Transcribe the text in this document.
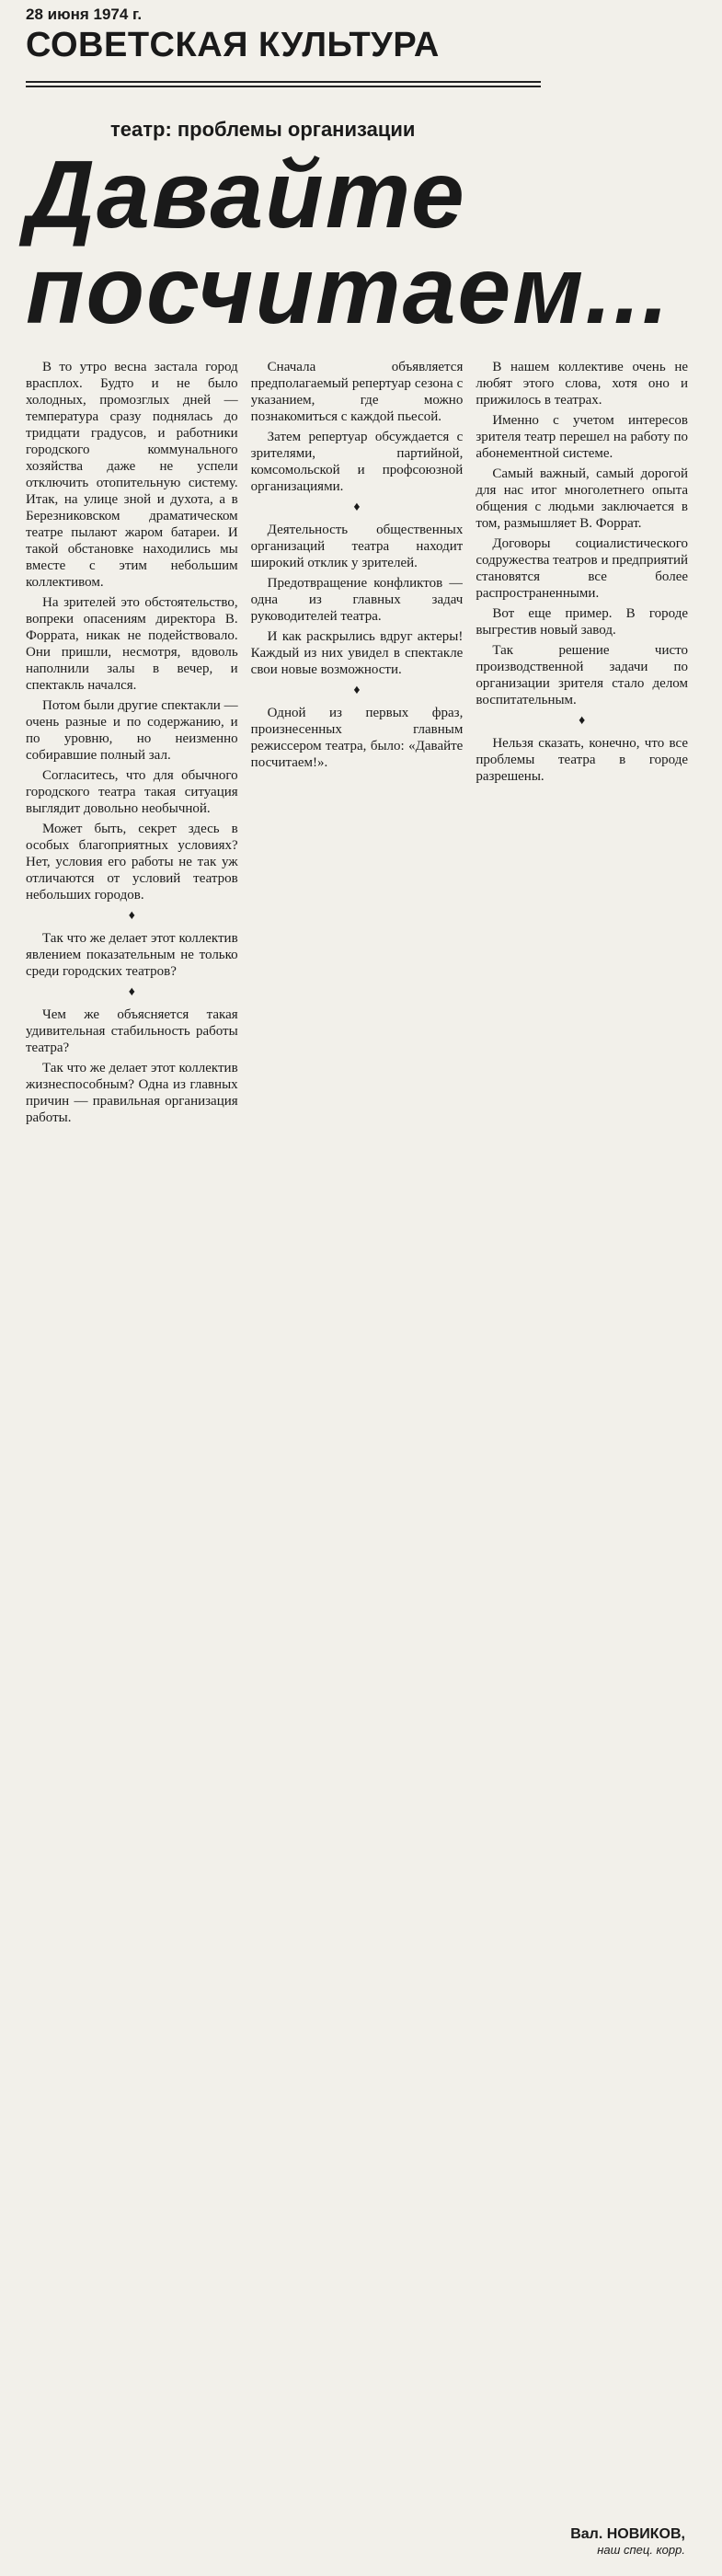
28 июня 1974 г.
СОВЕТСКАЯ КУЛЬТУРА
театр: проблемы организации
Давайте
посчитаем...

В то утро весна застала город врасплох. Будто и не было холодных, промозглых дней — температура сразу поднялась до тридцати градусов, и работники городского коммунального хозяйства даже не успели отключить отопительную систему. Итак, на улице зной и духота, а в Березниковском драматическом театре пылают жаром батареи. И такой обстановке находились мы вместе с этим небольшим коллективом.

На зрителей это обстоятельство, вопреки опасениям директора В. Форрата, никак не подействовало. Они пришли, несмотря, вдоволь наполнили залы в вечер, и спектакль начался.

Потом были другие спектакли — очень разные и по содержанию, и по уровню, но неизменно собиравшие полный зал.

Согласитесь, что для обычного городского театра такая ситуация выглядит довольно необычной.

Может быть, секрет здесь в особых благоприятных условиях? Нет, условия его работы не так уж отличаются от условий театров небольших городов.

♦

Так что же делает этот коллектив явлением показательным не только среди городских театров?

♦

Чем же объясняется такая удивительная стабильность работы театра?

Так что же делает этот коллектив жизнеспособным? Одна из главных причин — правильная организация работы.

Сначала объявляется предполагаемый репертуар сезона с указанием, где можно познакомиться с каждой пьесой.

Затем репертуар обсуждается с зрителями, партийной, комсомольской и профсоюзной организациями.

♦

Деятельность общественных организаций театра находит широкий отклик у зрителей.

Предотвращение конфликтов — одна из главных задач руководителей театра.

И как раскрылись вдруг актеры! Каждый из них увидел в спектакле свои новые возможности.

♦

Одной из первых фраз, произнесенных главным режиссером театра, было: «Давайте посчитаем!».

В нашем коллективе очень не любят этого слова, хотя оно и прижилось в театрах.

Именно с учетом интересов зрителя театр перешел на работу по абонементной системе.

Самый важный, самый дорогой для нас итог многолетнего опыта общения с людьми заключается в том, размышляет В. Форрат.

Договоры социалистического содружества театров и предприятий становятся все более распространенными.

Вот еще пример. В городе выгрестив новый завод.

Так решение чисто производственной задачи по организации зрителя стало делом воспитательным.

♦

Нельзя сказать, конечно, что все проблемы театра в городе разрешены.

Вал. НОВИКОВ,
наш спец. корр.
